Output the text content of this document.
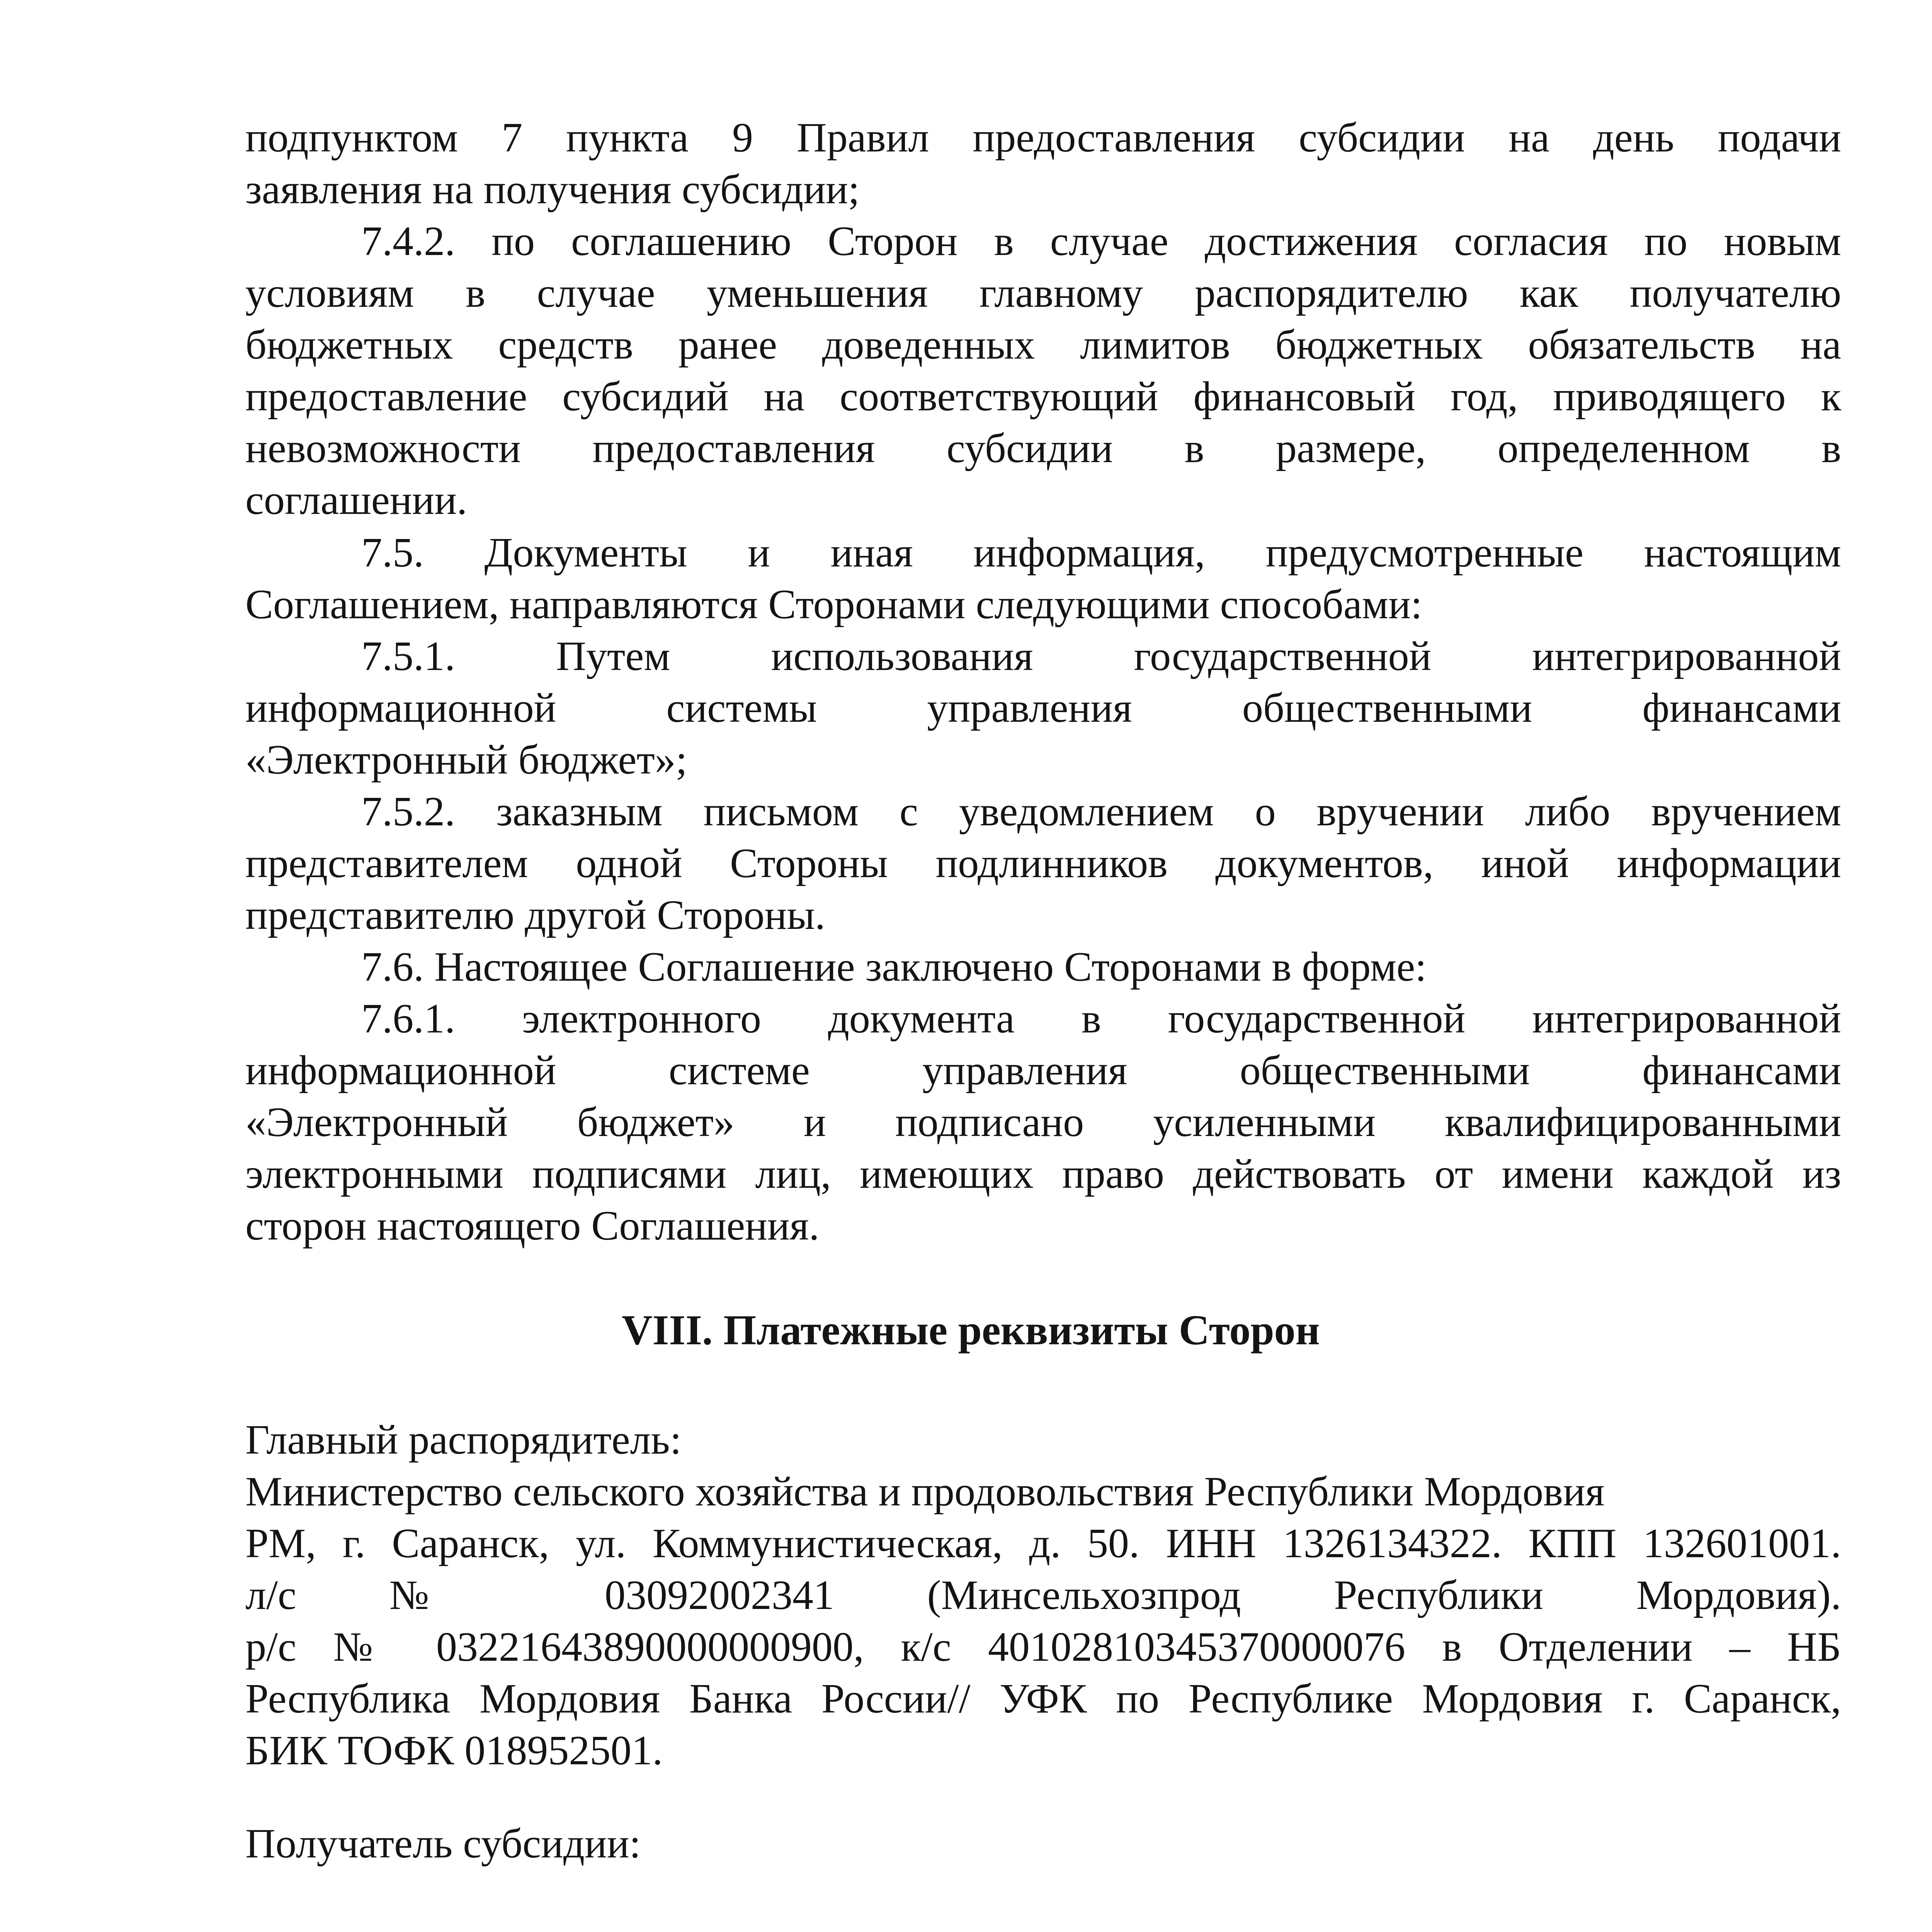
подпунктом 7 пункта 9 Правил предоставления субсидии на день подачи
заявления на получения субсидии;
7.4.2. по соглашению Сторон в случае достижения согласия по новым
условиям в случае уменьшения главному распорядителю как получателю
бюджетных средств ранее доведенных лимитов бюджетных обязательств на
предоставление субсидий на соответствующий финансовый год, приводящего к
невозможности предоставления субсидии в размере, определенном в
соглашении.
7.5. Документы и иная информация, предусмотренные настоящим
Соглашением, направляются Сторонами следующими способами:
7.5.1. Путем использования государственной интегрированной
информационной системы управления общественными финансами
«Электронный бюджет»;
7.5.2. заказным письмом с уведомлением о вручении либо вручением
представителем одной Стороны подлинников документов, иной информации
представителю другой Стороны.
7.6. Настоящее Соглашение заключено Сторонами в форме:
7.6.1. электронного документа в государственной интегрированной
информационной системе управления общественными финансами
«Электронный бюджет» и подписано усиленными квалифицированными
электронными подписями лиц, имеющих право действовать от имени каждой из
сторон настоящего Соглашения.
VIII. Платежные реквизиты Сторон
Главный распорядитель:
Министерство сельского хозяйства и продовольствия Республики Мордовия
РМ, г. Саранск, ул. Коммунистическая, д. 50. ИНН 1326134322. КПП 132601001.
л/с № 03092002341 (Минсельхозпрод Республики Мордовия).
р/с № 03221643890000000900, к/с 40102810345370000076 в Отделении – НБ
Республика Мордовия Банка России// УФК по Республике Мордовия г. Саранск,
БИК ТОФК 018952501.
Получатель субсидии:
